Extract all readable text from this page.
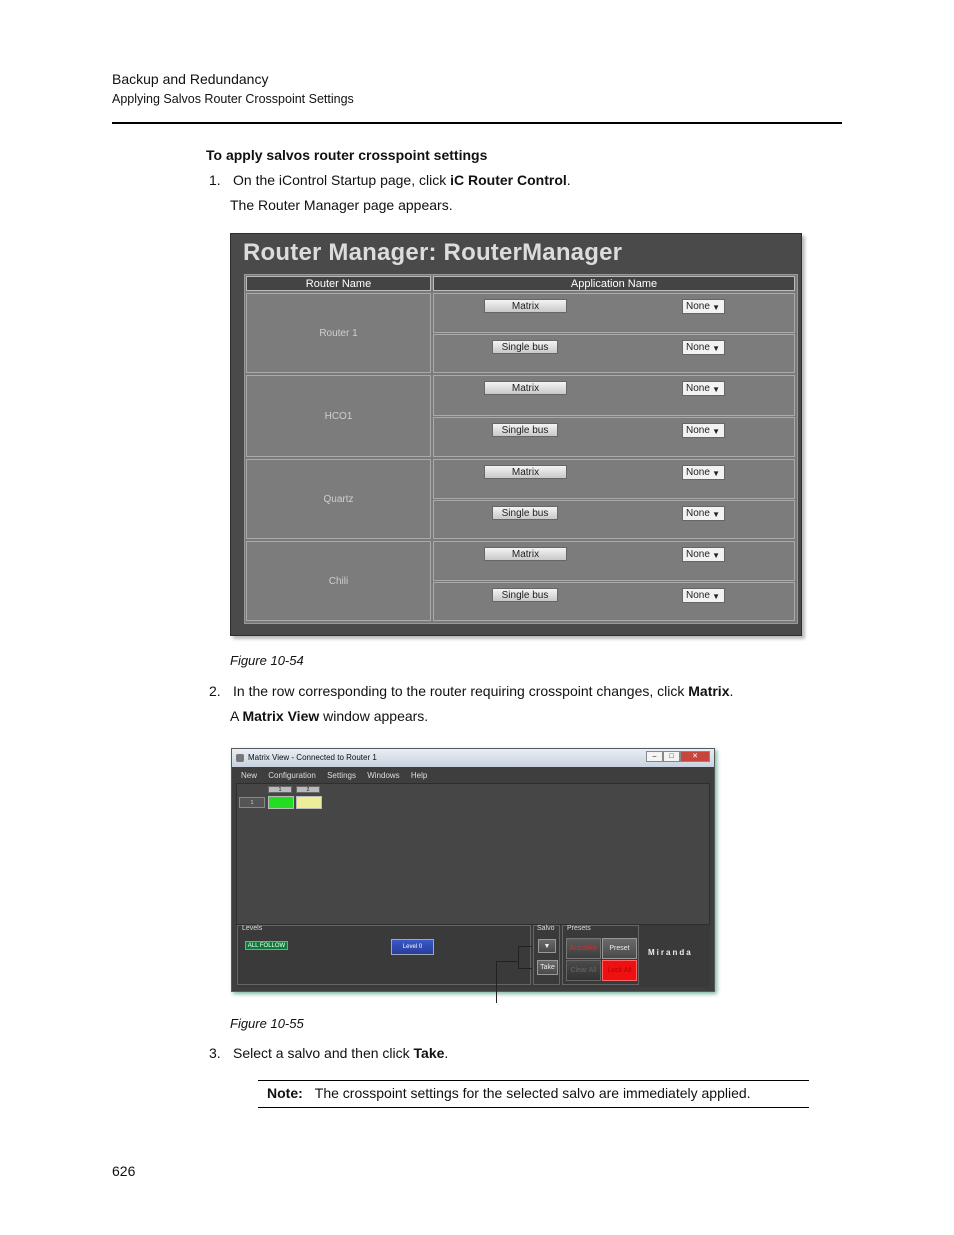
Backup and Redundancy
Applying Salvos Router Crosspoint Settings
To apply salvos router crosspoint settings
1. On the iControl Startup page, click iC Router Control.
The Router Manager page appears.
Router Manager: RouterManager
Router Name	Application Name
Router 1
Matrix	None ▼
Single bus	None ▼
HCO1
Matrix	None ▼
Single bus	None ▼
Quartz
Matrix	None ▼
Single bus	None ▼
Chili
Matrix	None ▼
Single bus	None ▼
Figure 10-54
2. In the row corresponding to the router requiring crosspoint changes, click Matrix.
A Matrix View window appears.
Matrix View - Connected to Router 1	–	□	✕
New Configuration Settings Windows Help
1	2
1
Levels
ALL FOLLOW	Level 0
Salvo
▼
Take
Presets
Autotake	Preset
Clear All	Lock All
Miranda
Figure 10-55
3. Select a salvo and then click Take.
Note: The crosspoint settings for the selected salvo are immediately applied.
626
